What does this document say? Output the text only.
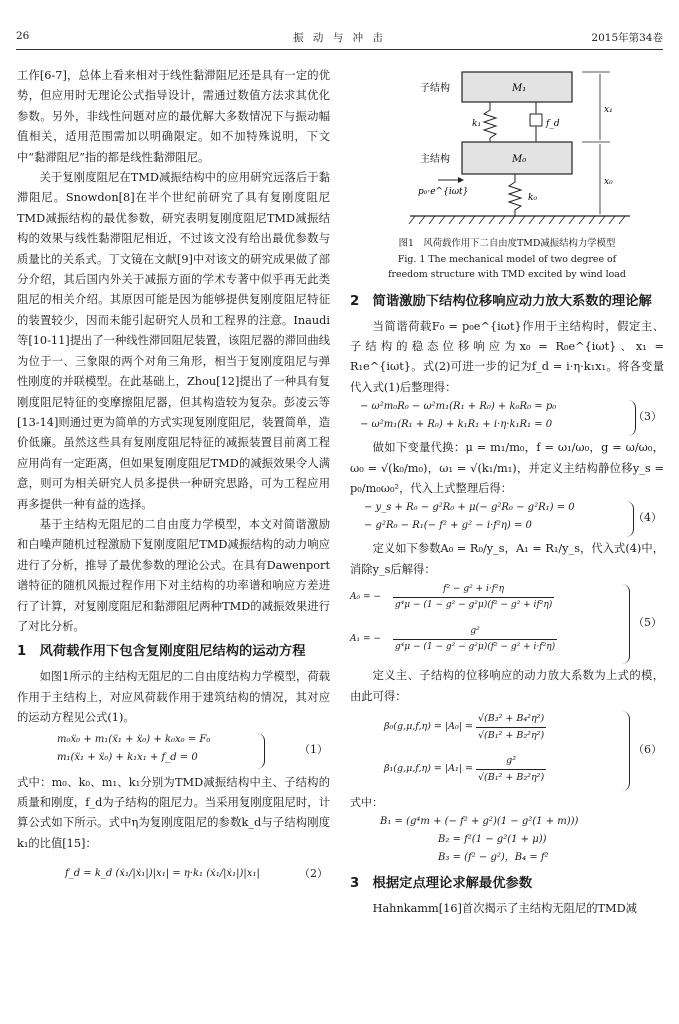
26	振 动 与 冲 击	2015年第34卷
工作[6-7]，总体上看来相对于线性黏滞阻尼还是具有一定的优势，但应用时无理论公式指导设计，需通过数值方法求其优化参数。另外，非线性问题对应的最优解大多数情况下与振动幅值相关，适用范围需加以明确限定。如不加特殊说明，下文中“黏滞阻尼”指的都是线性黏滞阻尼。
关于复刚度阻尼在TMD减振结构中的应用研究远落后于黏滞阻尼。Snowdon[8]在半个世纪前研究了具有复刚度阻尼TMD减振结构的最优参数，研究表明复刚度阻尼TMD减振结构的效果与线性黏滞阻尼相近，不过该文没有给出最优参数与质量比的关系式。丁文镜在文献[9]中对该文的研究成果做了部分介绍，其后国内外关于减振方面的学术专著中似乎再无此类阻尼的相关介绍。其原因可能是因为能够提供复刚度阻尼特征的装置较少，因而未能引起研究人员和工程界的注意。Inaudi等[10-11]提出了一种线性滞回阻尼装置，该阻尼器的滞回曲线为位于一、三象限的两个对角三角形，相当于复刚度阻尼与弹性刚度的并联模型。在此基础上，Zhou[12]提出了一种具有复刚度阻尼特征的变摩擦阻尼器，但其构造较为复杂。彭凌云等[13-14]则通过更为简单的方式实现复刚度阻尼，装置简单，造价低廉。虽然这些具有复刚度阻尼特征的减振装置目前离工程应用尚有一定距离，但如果复刚度阻尼TMD的减振效果令人满意，则可为相关研究人员多提供一种研究思路，可为工程应用再多提供一种有益的选择。
基于主结构无阻尼的二自由度力学模型，本文对简谐激励和白噪声随机过程激励下复刚度阻尼TMD减振结构的动力响应进行了分析，推导了最优参数的理论公式。在具有Dawenport谱特征的随机风振过程作用下对主结构的功率谱和响应方差进行了计算，对复刚度阻尼和黏滞阻尼两种TMD的减振效果进行了对比分析。
1　风荷载作用下包含复刚度阻尼结构的运动方程
如图1所示的主结构无阻尼的二自由度结构力学模型，荷载作用于主结构上，对应风荷载作用于建筑结构的情况，其对应的运动方程见公式(1)。
m₀ẍ₀ + m₁(ẍ₁ + ẍ₀) + k₀x₀ = F₀
m₁(ẍ₁ + ẍ₀) + k₁x₁ + f_d = 0
（1）
式中：m₀、k₀、m₁、k₁分别为TMD减振结构中主、子结构的质量和刚度，f_d为子结构的阻尼力。当采用复刚度阻尼时，计算公式如下所示。式中η为复刚度阻尼的参数k_d与子结构刚度k₁的比值[15]：
f_d = k_d (ẋ₁/|ẋ₁|)|x₁| = η·k₁ (ẋ₁/|ẋ₁|)|x₁|	（2）
M₁
子结构
k₁	f_d
M₀
主结构
k₀
p₀·e^{iωt}
x₁
x₀
图1　风荷载作用下二自由度TMD减振结构力学模型
Fig. 1 The mechanical model of two degree of
freedom structure with TMD excited by wind load
2　简谐激励下结构位移响应动力放大系数的理论解
当简谐荷载F₀ = p₀e^{iωt}作用于主结构时，假定主、子结构的稳态位移响应为x₀ = R₀e^{iωt}、x₁ = R₁e^{iωt}。式(2)可进一步的记为f_d = i·η·k₁x₁。将各变量代入式(1)后整理得：
− ω²m₀R₀ − ω²m₁(R₁ + R₀) + k₀R₀ = p₀
− ω²m₁(R₁ + R₀) + k₁R₁ + i·η·k₁R₁ = 0
（3）
做如下变量代换：μ = m₁/m₀，f = ω₁/ω₀，g = ω/ω₀，ω₀ = √(k₀/m₀)，ω₁ = √(k₁/m₁)，并定义主结构静位移y_s = p₀/m₀ω₀²，代入上式整理后得：
− y_s + R₀ − g²R₀ + μ(− g²R₀ − g²R₁) = 0
− g²R₀ − R₁(− f² + g² − i·f²η) = 0
（4）
定义如下参数A₀ = R₀/y_s，A₁ = R₁/y_s，代入式(4)中，消除y_s后解得：
A₀ = − $\frac{\text{f² − g² + i·f²η}}{\text{g⁴μ − (1 − g² − g²μ)(f² − g² + if²η)}}$
A₁ = − $\frac{\text{g²}}{\text{g⁴μ − (1 − g² − g²μ)(f² − g² + i·f²η)}}$
（5）
定义主、子结构的位移响应的动力放大系数为上式的模，由此可得：
$\beta_0(g,\mu,f,\eta) = |A_0| = \frac{\text{√(B₃² + B₄²η²)}}{\text{√(B₁² + B₂²η²)}}$
$\beta_1(g,\mu,f,\eta) = |A_1| = \frac{\text{g²}}{\text{√(B₁² + B₂²η²)}}$
（6）
式中：
B₁ = (g⁴m + (− f² + g²)(1 − g²(1 + m)))
B₂ = f²(1 − g²(1 + μ))
B₃ = (f² − g²)，B₄ = f²
3　根据定点理论求解最优参数
Hahnkamm[16]首次揭示了主结构无阻尼的TMD减
